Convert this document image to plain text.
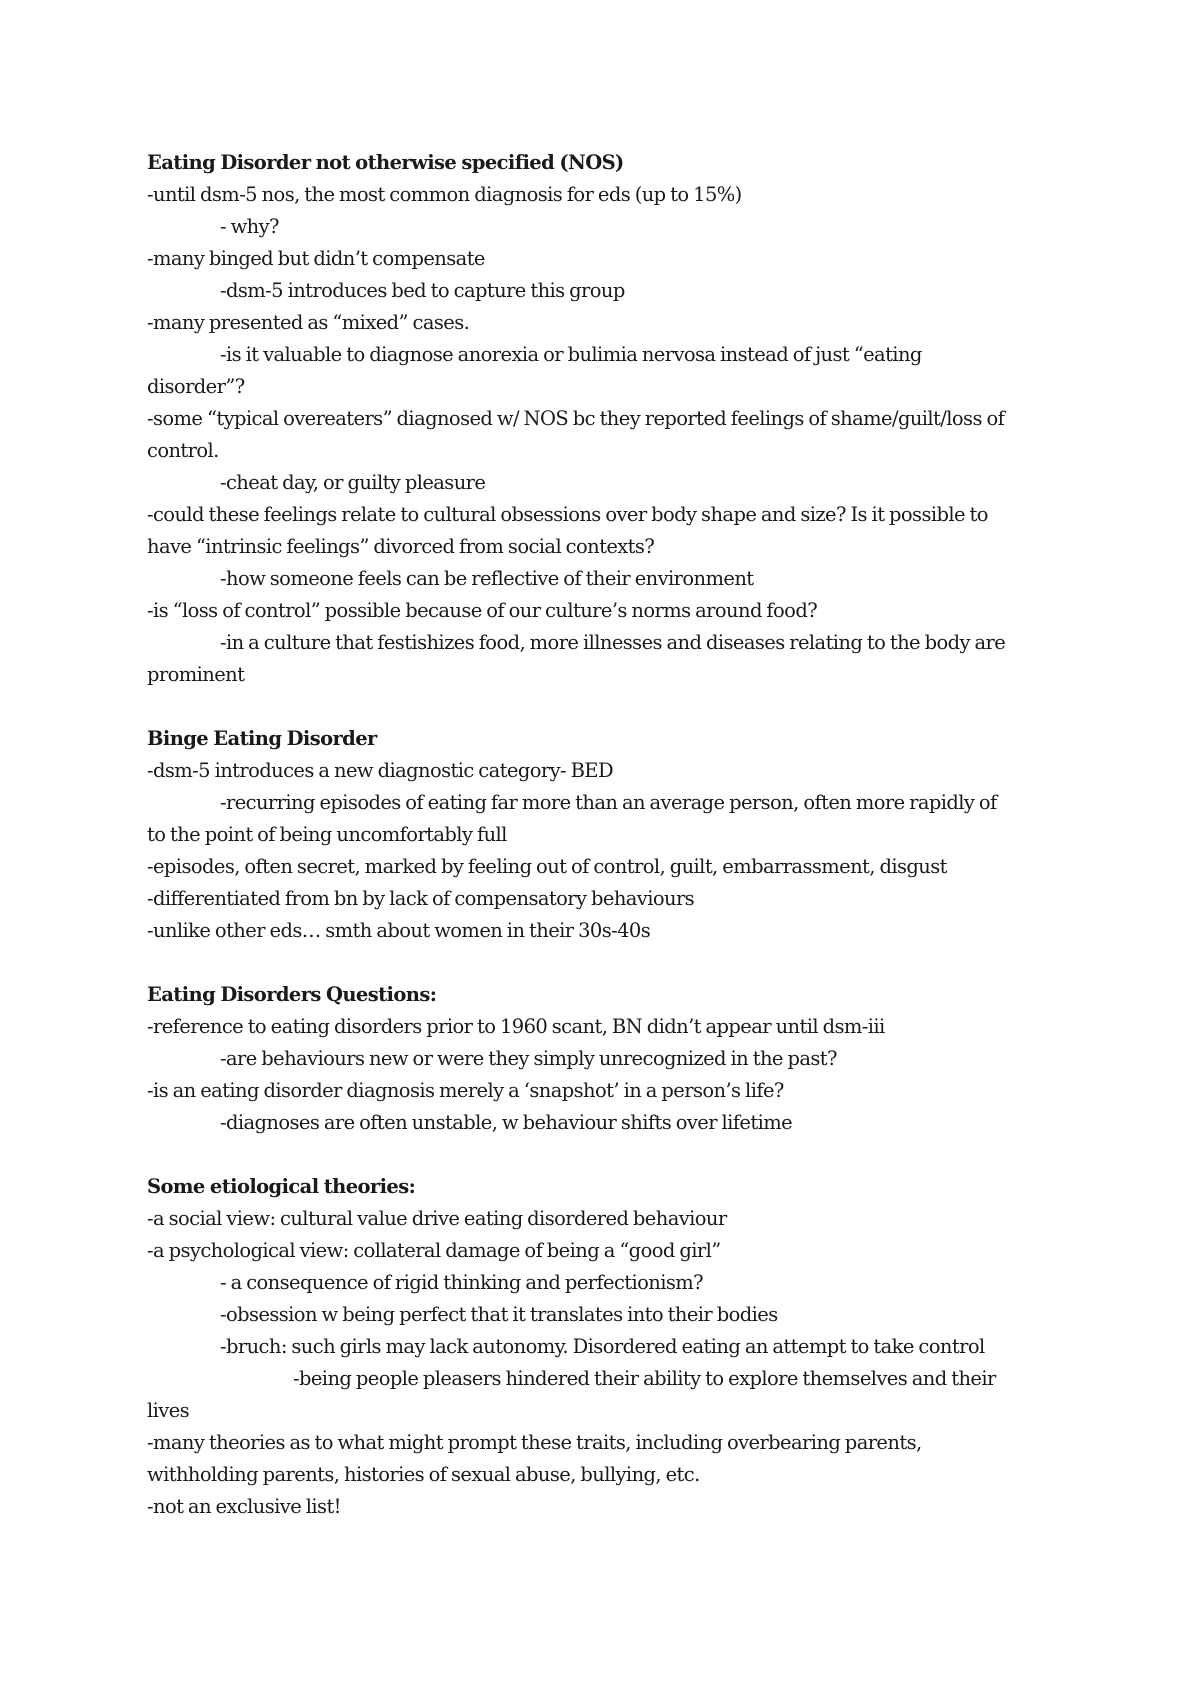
Eating Disorder not otherwise specified (NOS)
-until dsm-5 nos, the most common diagnosis for eds (up to 15%)
- why?
-many binged but didn’t compensate
-dsm-5 introduces bed to capture this group
-many presented as “mixed” cases.
-is it valuable to diagnose anorexia or bulimia nervosa instead of just “eating
disorder”?
-some “typical overeaters” diagnosed w/ NOS bc they reported feelings of shame/guilt/loss of
control.
-cheat day, or guilty pleasure
-could these feelings relate to cultural obsessions over body shape and size? Is it possible to
have “intrinsic feelings” divorced from social contexts?
-how someone feels can be reflective of their environment
-is “loss of control” possible because of our culture’s norms around food?
-in a culture that festishizes food, more illnesses and diseases relating to the body are
prominent
Binge Eating Disorder
-dsm-5 introduces a new diagnostic category- BED
-recurring episodes of eating far more than an average person, often more rapidly of
to the point of being uncomfortably full
-episodes, often secret, marked by feeling out of control, guilt, embarrassment, disgust
-differentiated from bn by lack of compensatory behaviours
-unlike other eds… smth about women in their 30s-40s
Eating Disorders Questions:
-reference to eating disorders prior to 1960 scant, BN didn’t appear until dsm-iii
-are behaviours new or were they simply unrecognized in the past?
-is an eating disorder diagnosis merely a ‘snapshot’ in a person’s life?
-diagnoses are often unstable, w behaviour shifts over lifetime
Some etiological theories:
-a social view: cultural value drive eating disordered behaviour
-a psychological view: collateral damage of being a “good girl”
- a consequence of rigid thinking and perfectionism?
-obsession w being perfect that it translates into their bodies
-bruch: such girls may lack autonomy. Disordered eating an attempt to take control
-being people pleasers hindered their ability to explore themselves and their
lives
-many theories as to what might prompt these traits, including overbearing parents,
withholding parents, histories of sexual abuse, bullying, etc.
-not an exclusive list!
